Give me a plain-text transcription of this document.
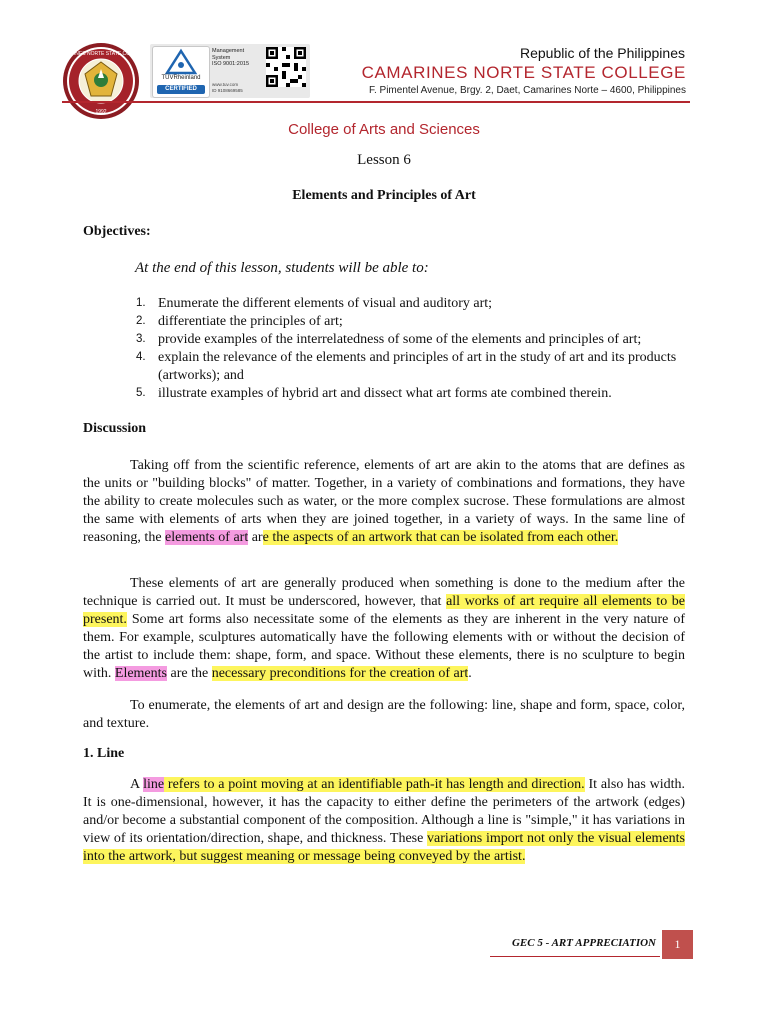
CAMARINES NORTE STATE COLLEGE
1992
TÜVRheinland
CERTIFIED
Management
System
ISO 9001:2015
www.tuv.com
ID 9108669585
Republic of the Philippines
CAMARINES NORTE STATE COLLEGE
F. Pimentel Avenue, Brgy. 2, Daet, Camarines Norte – 4600, Philippines
College of Arts and Sciences
Lesson 6
Elements and Principles of Art
Objectives:
At the end of this lesson, students will be able to:
1. Enumerate the different elements of visual and auditory art;
2. differentiate the principles of art;
3. provide examples of the interrelatedness of some of the elements and principles of art;
4. explain the relevance of the elements and principles of art in the study of art and its products (artworks); and
5. illustrate examples of hybrid art and dissect what art forms ate combined therein.
Discussion
Taking off from the scientific reference, elements of art are akin to the atoms that are defines as the units or "building blocks" of matter. Together, in a variety of combinations and formations, they have the ability to create molecules such as water, or the more complex sucrose. These formulations are almost the same with elements of arts when they are joined together, in a variety of ways. In the same line of reasoning, the elements of art are the aspects of an artwork that can be isolated from each other.
These elements of art are generally produced when something is done to the medium after the technique is carried out. It must be underscored, however, that all works of art require all elements to be present. Some art forms also necessitate some of the elements as they are inherent in the very nature of them. For example, sculptures automatically have the following elements with or without the decision of the artist to include them: shape, form, and space. Without these elements, there is no sculpture to begin with. Elements are the necessary preconditions for the creation of art.
To enumerate, the elements of art and design are the following: line, shape and form, space, color, and texture.
1. Line
A line refers to a point moving at an identifiable path-it has length and direction. It also has width. It is one-dimensional, however, it has the capacity to either define the perimeters of the artwork (edges) and/or become a substantial component of the composition. Although a line is "simple," it has variations in view of its orientation/direction, shape, and thickness. These variations import not only the visual elements into the artwork, but suggest meaning or message being conveyed by the artist.
GEC 5 - ART APPRECIATION	1
